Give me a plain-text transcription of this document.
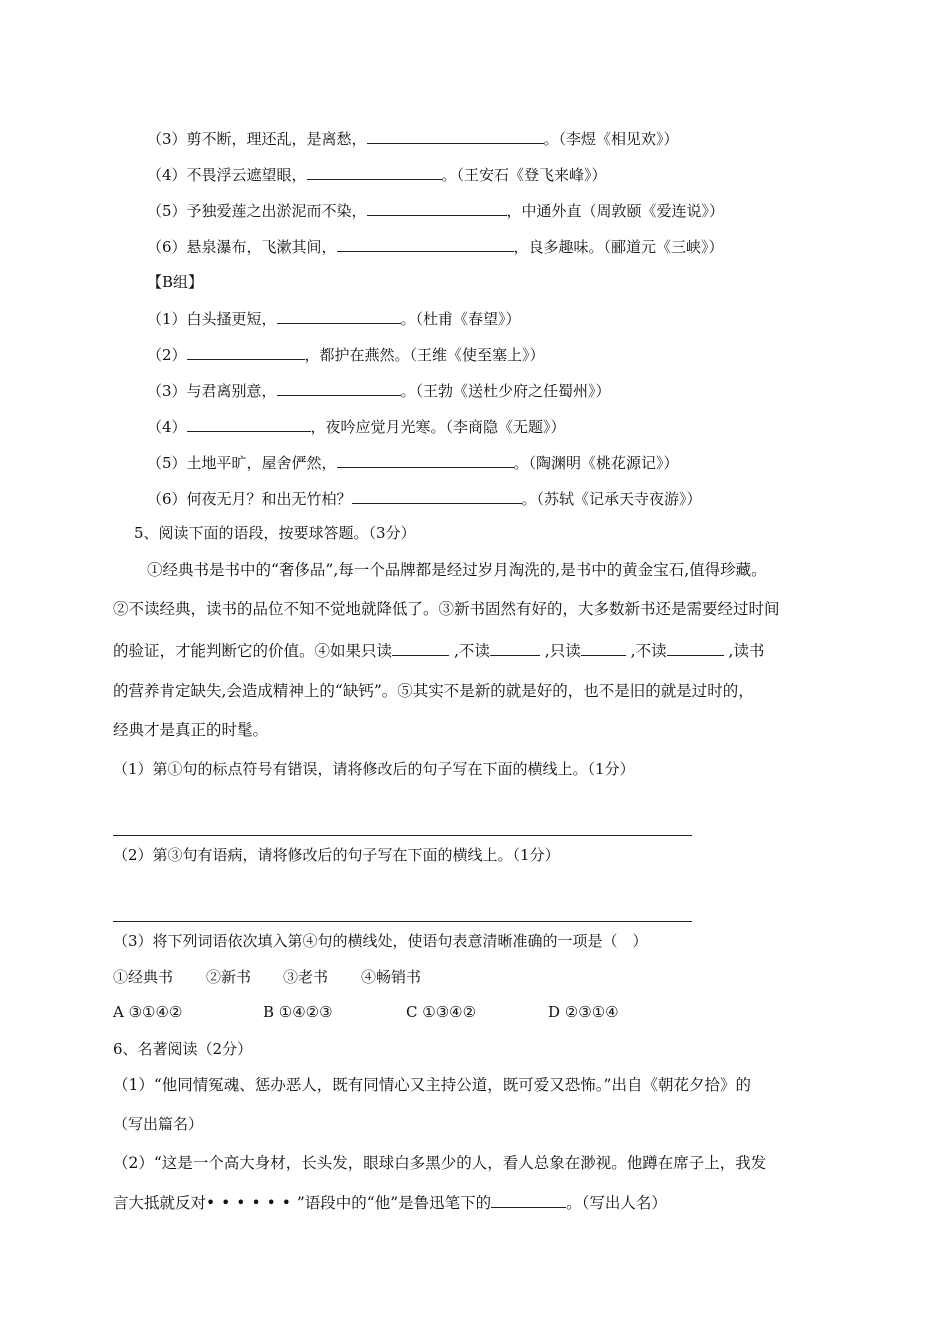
（3）剪不断，理还乱，是离愁，	。（李煜《相见欢》）
（4）不畏浮云遮望眼，	。（王安石《登飞来峰》）
（5）予独爱莲之出淤泥而不染，	，中通外直（周敦颐《爱连说》）
（6）悬泉瀑布，飞漱其间，	，良多趣味。（郦道元《三峡》）
【B组】
（1）白头搔更短，	。（杜甫《春望》）
（2）	，都护在燕然。（王维《使至塞上》）
（3）与君离别意，	。（王勃《送杜少府之任蜀州》）
（4）	，夜吟应觉月光寒。（李商隐《无题》）
（5）土地平旷，屋舍俨然，	。（陶渊明《桃花源记》）
（6）何夜无月？和出无竹柏？	。（苏轼《记承天寺夜游》）
5、阅读下面的语段，按要球答题。（3分）
①经典书是书中的“奢侈品”,每一个品牌都是经过岁月淘洗的,是书中的黄金宝石,值得珍藏。
②不读经典，读书的品位不知不觉地就降低了。③新书固然有好的，大多数新书还是需要经过时间
的验证，才能判断它的价值。④如果只读	,不读	,只读	,不读	,读书
的营养肯定缺失,会造成精神上的“缺钙”。⑤其实不是新的就是好的，也不是旧的就是过时的，
经典才是真正的时髦。
（1）第①句的标点符号有错误，请将修改后的句子写在下面的横线上。（1分）
（2）第③句有语病，请将修改后的句子写在下面的横线上。（1分）
（3）将下列词语依次填入第④句的横线处，使语句表意清晰准确的一项是（　）
①经典书 ②新书 ③老书 ④畅销书
A ③①④②	B ①④②③	C ①③④②	D ②③①④
6、名著阅读（2分）
（1）“他同情冤魂、惩办恶人，既有同情心又主持公道，既可爱又恐怖。”出自《朝花夕拾》的
（写出篇名）
（2）“这是一个高大身材，长头发，眼球白多黑少的人，看人总象在渺视。他蹲在席子上，我发
言大抵就反对••••••”语段中的“他”是鲁迅笔下的	。（写出人名）
